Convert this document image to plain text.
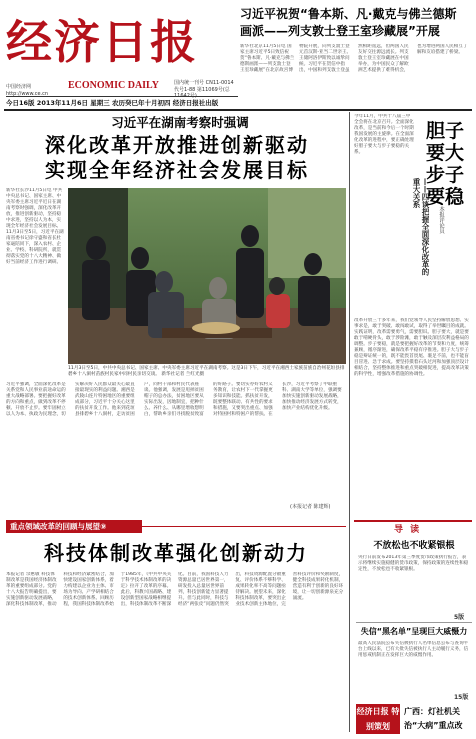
经济日报
中国经济网 http://www.ce.cn
ECONOMIC DAILY	国内统一刊号 CN11-0014 代号1-88 第11069号(总11642号)
今日16版 2013年11月6日 星期三 农历癸巳年十月初四 经济日报社出版
习近平祝贺“鲁本斯、凡·戴克与佛兰德斯
画派——列支敦士登王室珍藏展”开展
新华社北京11月5日电 国家主席习近平5日致信祝贺“鲁本斯、凡·戴克与佛兰德斯画派——列支敦士登王室珍藏展”在北京故宫博物院开展，向列支敦士登元首汉斯-亚当二世亲王、王储阿洛伊斯致以诚挚问候。习近平在贺信中指出，中国和列支敦士登虽然相距遥远，但两国人民友好交往源远流长。列支敦士登王室珍藏展在中国举办，为中国民众了解欧洲艺术提供了难得机会，也为增进两国人民相互了解和友谊搭建了桥梁。
习近平在湖南考察时强调
深化改革开放推进创新驱动
实现全年经济社会发展目标
新华社长沙11月5日电 中共中央总书记、国家主席、中央军委主席习近平近日在湖南考察时强调，深化改革开放，推进创新驱动，坚持稳中求进，坚持以人为本，实现全年经济社会发展目标。11月3日至5日，习近平在湖南省委书记徐守盛和省长杜家毫陪同下，深入农村、企业、学校、科研院所，就贯彻落实党的十八大精神、做好当前经济工作进行调研。
11月3日至5日，中共中央总书记、国家主席、中央军委主席习近平在湖南考察。这是3日下午，习近平在湘西土家族苗族自治州花垣县排碧乡十八洞村苗族村民家中同村民亲切交谈。 新华社记者 兰红光摄
习近平强调，全面深化改革是关系党和人民事业前途命运的重大战略部署。要把握好改革的方向和重点，做到改革不停顿、开放不止步。要牢固树立以人为本、执政为民理念，切实解决好人民群众最关心最直接最现实的利益问题。湘西是武陵山连片特困地区的重要组成部分，习近平十分关心这里的扶贫开发工作。他来到花垣县排碧乡十八洞村，走访贫困户，同村干部和村民代表座谈。他强调，发展是甩掉贫困帽子的总办法，贫困地区要从实际出发，因地制宜，把种什么、养什么、从哪里增收想明白，帮助乡亲们寻找脱贫致富的好路子。要切实办好农村义务教育，让农村下一代掌握更多知识和技能。抓扶贫开发，既要整体联动、有共性的要求和措施，又要突出重点、加强对特困村和特困户的帮扶。在长沙，习近平考察了中联重科、湖南大学等单位，强调要加快实施创新驱动发展战略，加快推动经济发展方式转变，加快产业结构优化升级。
(本报记者 陈建辉)
今年11月，中共十八届三中全会将在北京召开。全面深化改革，是当前和今后一个时期我国发展的主旋律。在全面深化改革的进程中，要正确处理好胆子要大与步子要稳的关系。
胆子要大 步子要稳
——四谈把握全面深化改革的重大关系
本报评论员
改革开放三十多年来，我们党领导人民坚持解放思想、实事求是，敢于突破、敢闯敢试，取得了举世瞩目的成就。实践证明，改革需要勇气，需要胆识。胆子要大，就是要敢于啃硬骨头，敢于涉险滩，敢于触及深层次利益格局的调整。步子要稳，就是要把握好改革的节奏和力度，统筹兼顾，循序渐进，确保改革平稳有序推进。胆子大与步子稳是辩证统一的，既不能畏首畏尾、裹足不前，也不能盲目冒进、急于求成。要坚持摸着石头过河和加强顶层设计相结合，坚持整体推进和重点突破相促进，提高改革决策的科学性，增强改革措施的协调性。
导 读
不放松也不收紧银根
央行日前发布2013年第三季度货币政策执行报告，表示将继续实施稳健的货币政策，保持政策的连续性和稳定性，不放松也不收紧银根。
5版
失信“黑名单”呈现巨大威慑力
最高人民法院公布失信被执行人名单信息公布与查询平台上线以来，已有大批失信被执行人主动履行义务，信用惩戒机制正在发挥巨大的威慑作用。
15版
经济日报 特别策划
广西：灯社机关
治“大病”重点改
重点领域改革的回顾与展望⑨
科技体制改革强化创新动力
本报记者 佘惠敏 科技体制改革是我国经济体制改革的重要组成部分。党的十八大报告明确提出，要实施创新驱动发展战略，深化科技体制改革，推动科技和经济紧密结合，加快建设国家创新体系，着力构建以企业为主体、市场为导向、产学研相结合的技术创新体系。回顾历程，我国科技体制改革始于1985年，《中共中央关于科学技术体制改革的决定》拉开了改革的序幕。此后，科教兴国战略、建设创新型国家战略相继提出，科技体制改革不断深化。目前，我国科技人力资源总量已居世界第一，研发投入总量居世界前列，科技创新能力显著提升。但与此同时，科技与经济“两张皮”问题仍然突出，科技资源配置分散重复、评价体系不够科学、成果转化率不高等问题亟待解决。展望未来，深化科技体制改革，要突出企业技术创新主体地位，完善科技评价和奖励制度，健全科技成果转化机制，营造有利于创新的良好环境，让一切创新源泉充分涌流。
